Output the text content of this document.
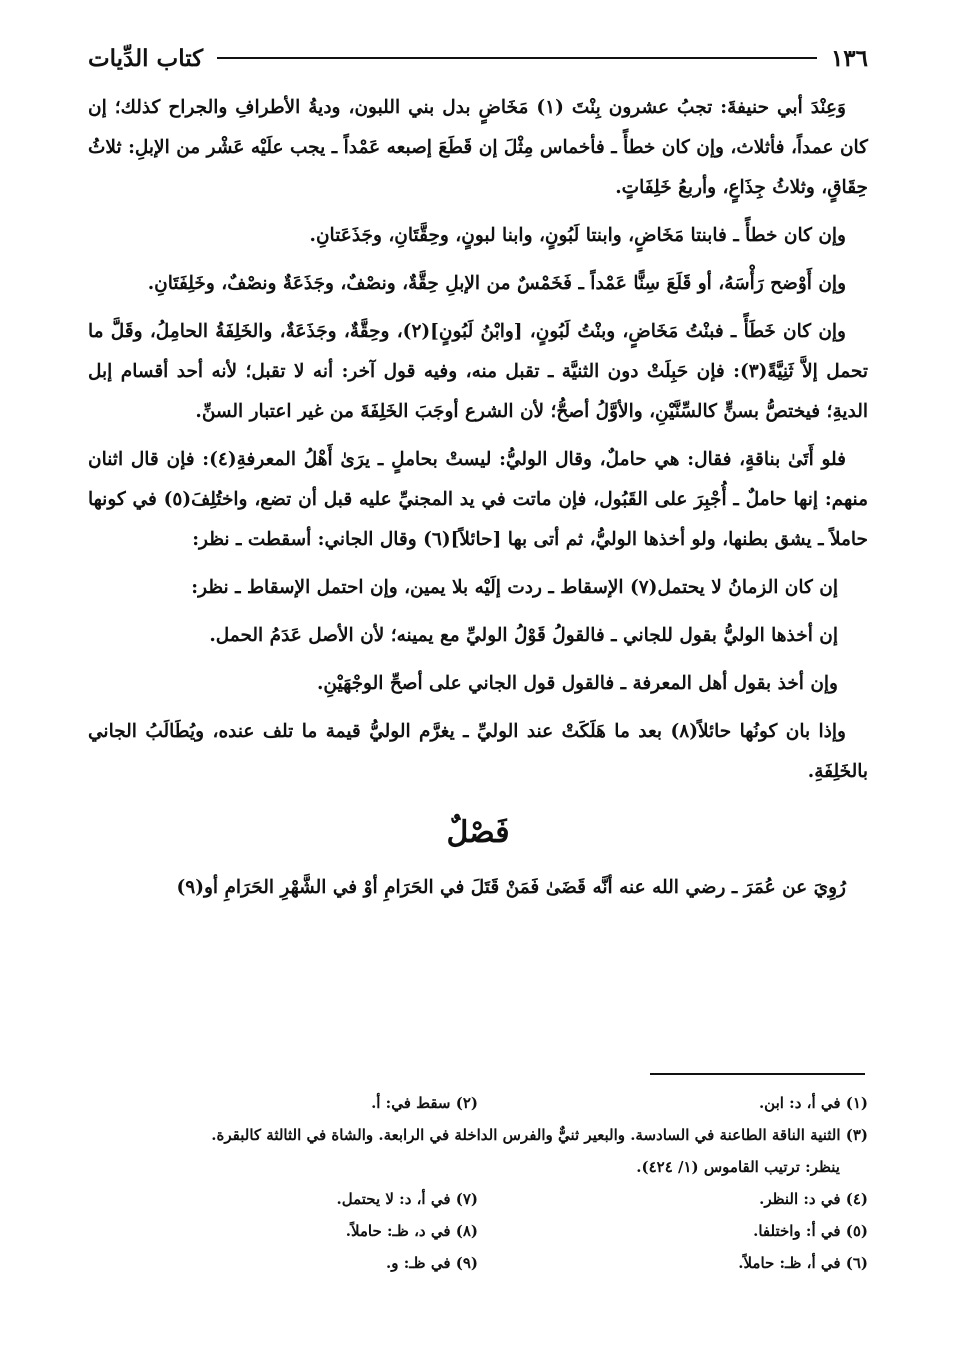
١٣٦
كتاب الدِّيات

وَعِنْدَ أبي حنيفةَ: تجبُ عشرون بِنْتَ (١) مَخَاضٍ بدل بني اللبون، وديةُ الأطرافِ والجراح كذلك؛ إن كان عمداً، فأثلاث، وإن كان خطأً ـ فأخماس مِثْلَ إن قَطَعَ إصبعه عَمْداً ـ يجب علَيْه عَشْر من الإبلِ: ثلاثُ حِقَاقٍ، وثلاثُ جِذَاعٍ، وأربعُ خَلِفَاتٍ.

وإن كان خطأً ـ فابنتا مَخَاضٍ، وابنتا لَبُونٍ، وابنا لبونٍ، وحِقَّتَانِ، وجَذَعَتانِ.

وإن أَوْضح رَأْسَهُ، أو قَلَعَ سِنًّا عَمْداً ـ فَخَمْسٌ من الإبلِ حِقَّةٌ، ونصْفٌ، وجَذَعَةٌ ونصْفٌ، وخَلِفَتَانِ.

وإن كان خَطَأً ـ فبنْتُ مَخَاضٍ، وبنْتُ لَبُونٍ، [وابْنُ لَبُونٍ](٢)، وحِقَّةٌ، وجَذَعَةٌ، والخَلِفَةُ الحامِلُ، وقَلَّ ما تحمل إلاَّ ثَنِيَّةً(٣): فإن حَبِلَتْ دون الثنيَّة ـ تقبل منه، وفيه قول آخر: أنه لا تقبل؛ لأنه أحد أقسام إبل الديةِ؛ فيختصُّ بسنٍّ كالسِّنَّيْنِ، والأوَّلُ أصحُّ؛ لأن الشرع أوجَبَ الخَلِفَةَ من غير اعتبار السنِّ.

فلو أَتَىٰ بناقةٍ، فقال: هي حاملٌ، وقال الوليُّ: ليستْ بحاملٍ ـ يرَىٰ أَهْلُ المعرفةِ(٤): فإن قال اثنان منهم: إنها حاملٌ ـ أُجْبِرَ على القَبُول، فإن ماتت في يد المجنيِّ عليه قبل أن تضع، واختُلِفَ(٥) في كونها حاملاً ـ يشق بطنها، ولو أخذها الوليُّ، ثم أتى بها [حائلاً](٦) وقال الجاني: أسقطت ـ نظر:

إن كان الزمانُ لا يحتمل(٧) الإسقاط ـ ردت إلَيْه بلا يمين، وإن احتمل الإسقاط ـ نظر:

إن أخذها الوليُّ بقول للجاني ـ فالقولُ قَوْلُ الوليِّ مع يمينه؛ لأن الأصل عَدَمُ الحمل.

وإن أخذ بقول أهل المعرفة ـ فالقول قول الجاني على أصحِّ الوجْهَيْنِ.

وإذا بان كونُها حائلاً(٨) بعد ما هَلَكَتْ عند الوليِّ ـ يغرَّم الوليُّ قيمة ما تلف عنده، ويُطَالَبُ الجاني بالخَلِفَةِ.

فَصْلٌ

رُوِيَ عن عُمَرَ ـ رضي الله عنه أنَّه قَضَىٰ فَمَنْ قَتَلَ في الحَرَامِ أوْ في الشَّهْرِ الحَرَامِ أو(٩)

(١) في أ، د: ابن.
(٢) سقط في: أ.
(٣) الثنية الناقة الطاعنة في السادسة. والبعير ثنيٌّ والفرس الداخلة في الرابعة. والشاة في الثالثة كالبقرة.
ينظر: ترتيب القاموس (١/ ٤٢٤).
(٤) في د: النظر.
(٧) في أ، د: لا يحتمل.
(٥) في أ: واختلفا.
(٨) في د، ظـ: حاملاً.
(٦) في أ، ظـ: حاملاً.
(٩) في ظـ: و.
